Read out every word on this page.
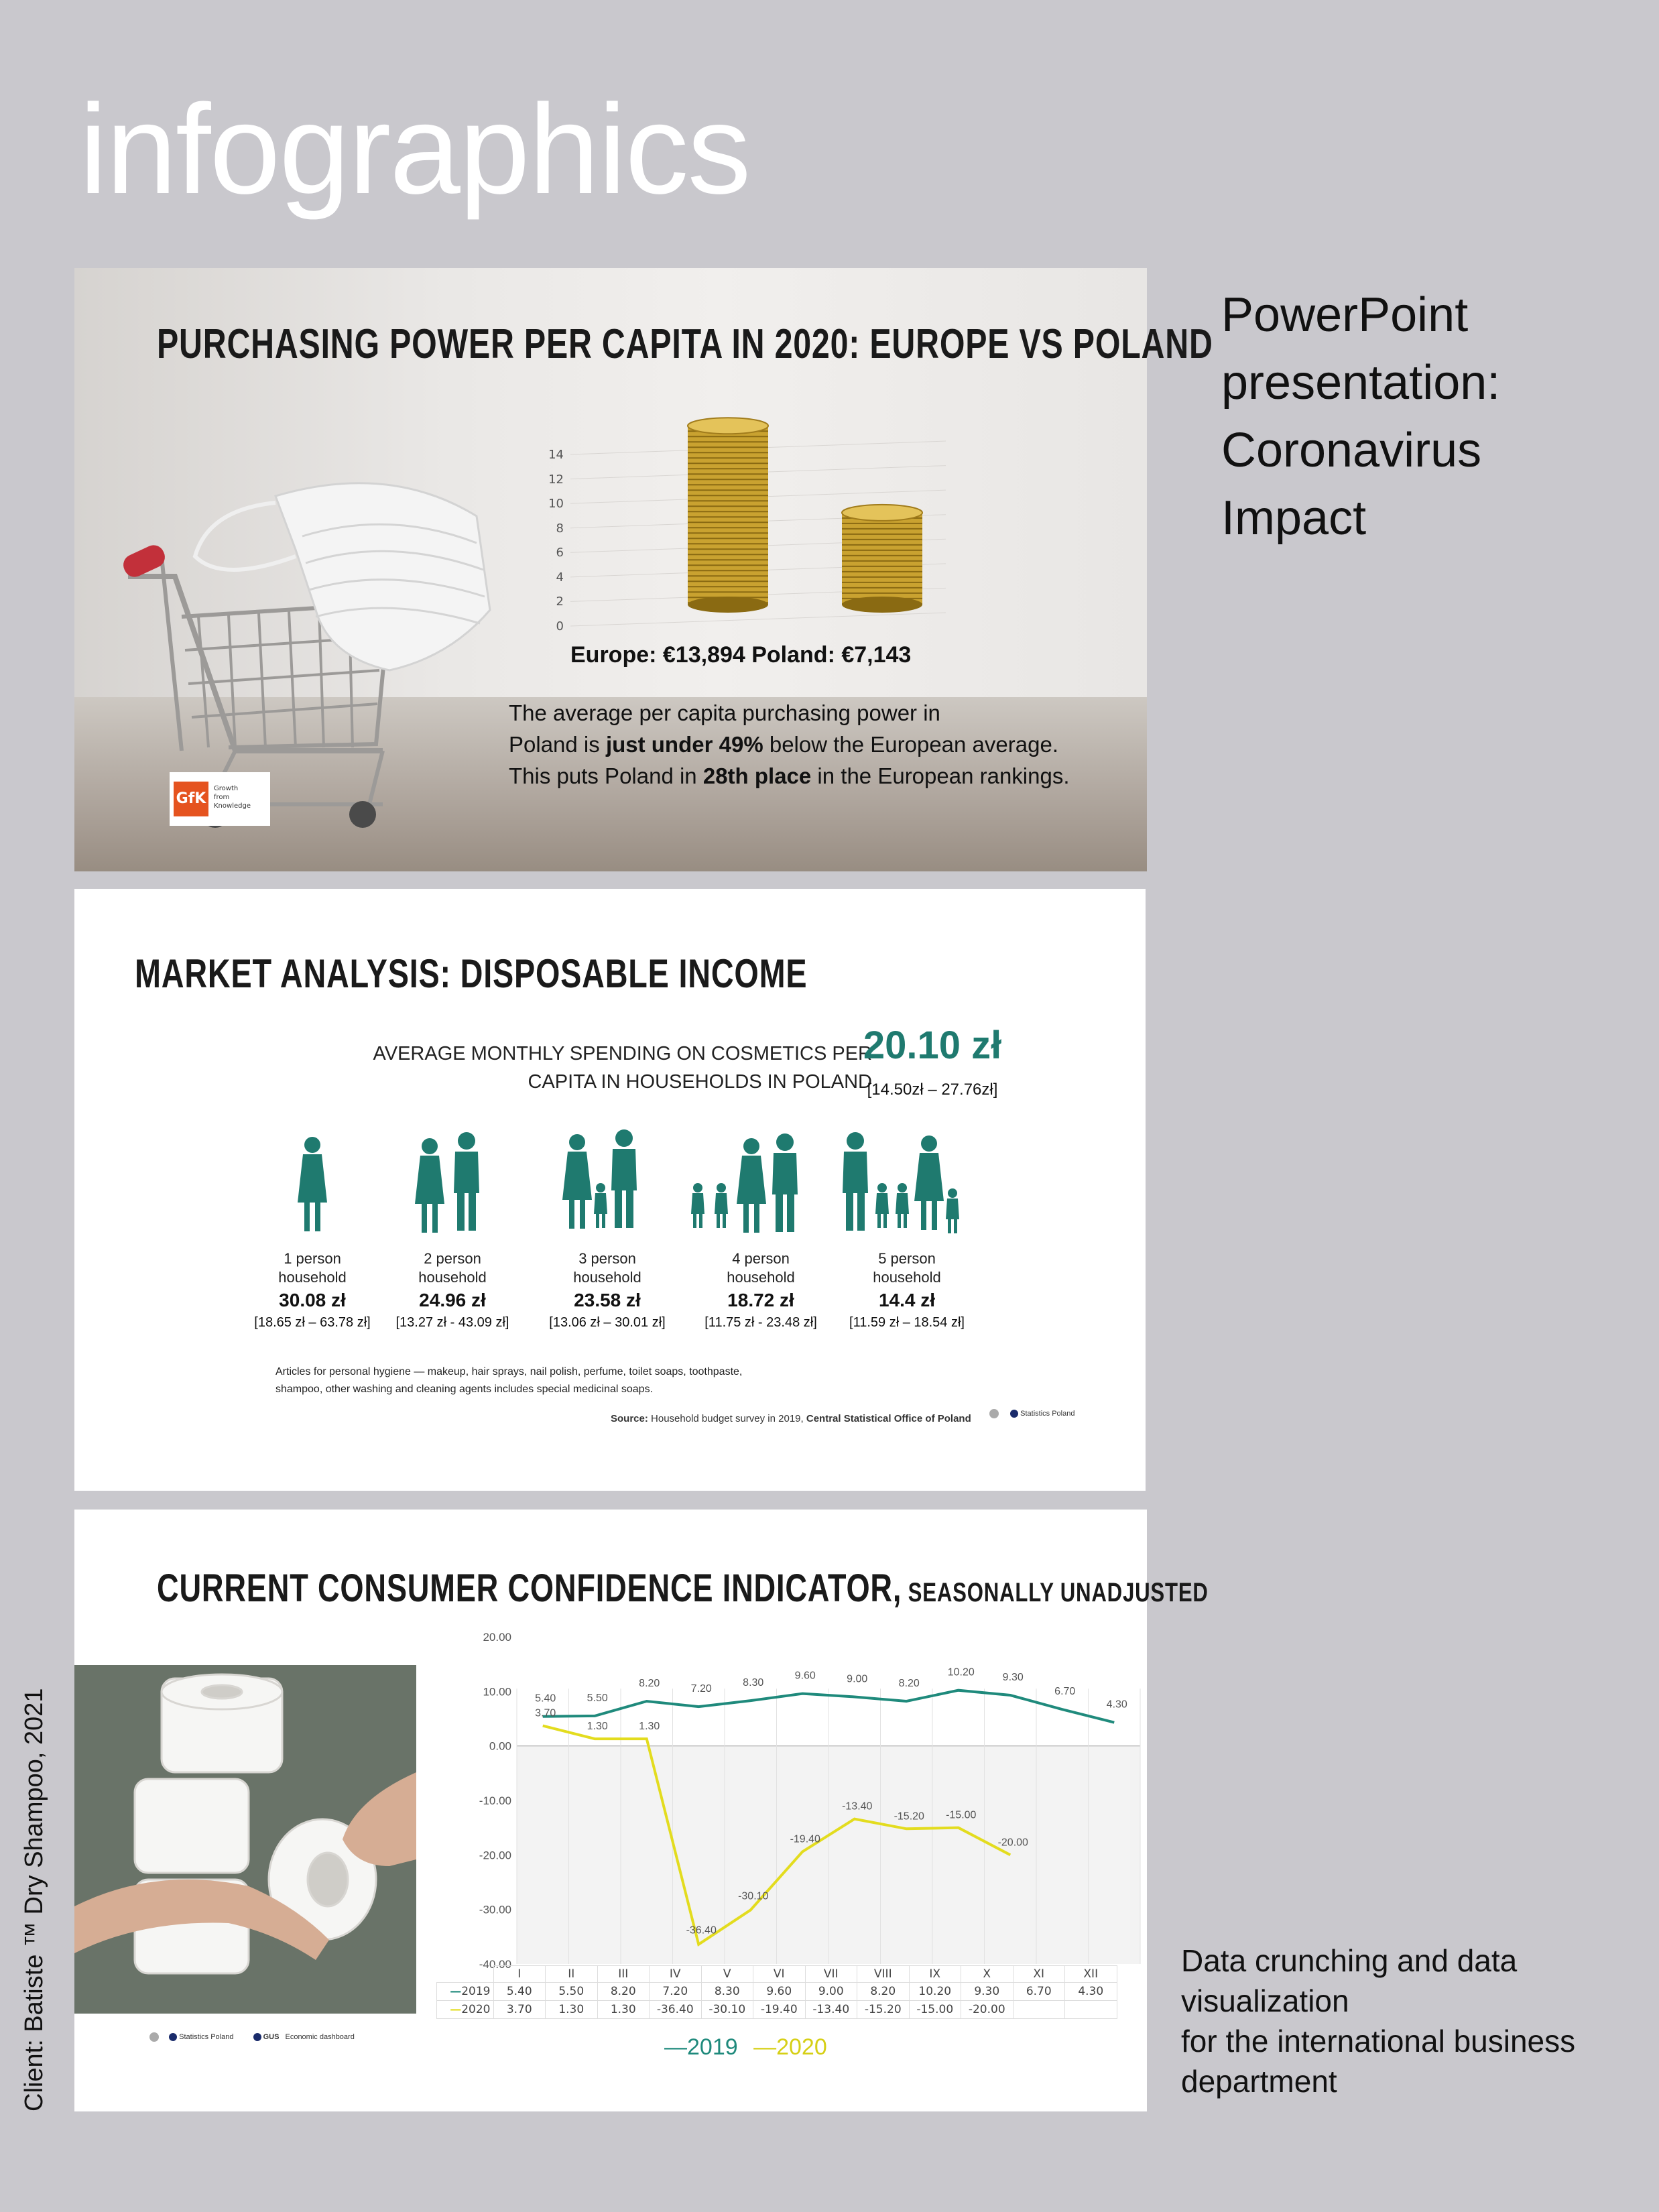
infographics
PowerPoint
presentation:
Coronavirus
Impact
Data crunching and data
visualization
for the international business
department
Client: Batiste ™ Dry Shampoo, 2021
PURCHASING POWER PER CAPITA IN 2020: EUROPE VS POLAND
14
12
10
8
6
4
2
0
Europe: €13,894 Poland: €7,143
The average per capita purchasing power in
Poland is just under 49% below the European average.
This puts Poland in 28th place in the European rankings.
GfK
Growth
from
Knowledge
MARKET ANALYSIS: DISPOSABLE INCOME
AVERAGE MONTHLY SPENDING ON COSMETICS PER
CAPITA IN HOUSEHOLDS IN POLAND
20.10 zł
[14.50zł – 27.76zł]
1 person
household
30.08 zł
[18.65 zł – 63.78 zł]
2 person
household
24.96 zł
[13.27 zł - 43.09 zł]
3 person
household
23.58 zł
[13.06 zł – 30.01 zł]
4 person
household
18.72 zł
[11.75 zł - 23.48 zł]
5 person
household
14.4 zł
[11.59 zł – 18.54 zł]
Articles for personal hygiene — makeup, hair sprays, nail polish, perfume, toilet soaps, toothpaste,
shampoo, other washing and cleaning agents includes special medicinal soaps.
Source: Household budget survey in 2019, Central Statistical Office of Poland	Statistics Poland
CURRENT CONSUMER CONFIDENCE INDICATOR, SEASONALLY UNADJUSTED
Statistics Poland	GUS Economic dashboard
20.00
10.00
0.00
-10.00
-20.00
-30.00
-40.00
5.40	5.50
8.20	7.20
8.30
9.60	9.00	8.20
10.20	9.30
6.70
4.30
3.70
1.30	1.30
-36.40
-30.10
-19.40
-13.40
-15.20 -15.00
-20.00
	I	II	III	IV	V	VI	VII	VIII	IX	X	XI	XII
—2019	5.40	5.50	8.20	7.20	8.30	9.60	9.00	8.20	10.20	9.30	6.70	4.30
—2020	3.70	1.30	1.30	-36.40	-30.10	-19.40	-13.40	-15.20	-15.00	-20.00		
—2019 —2020
